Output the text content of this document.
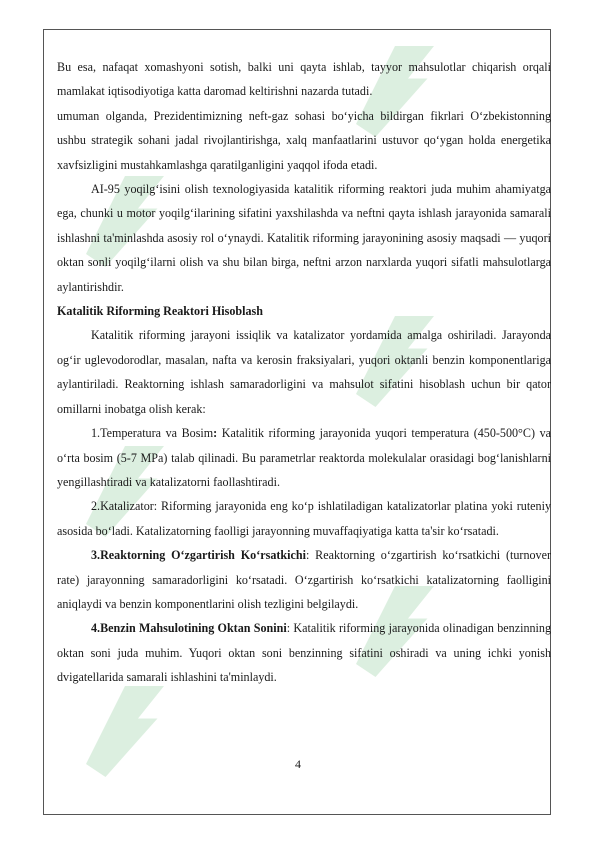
Bu esa, nafaqat xomashyoni sotish, balki uni qayta ishlab, tayyor mahsulotlar chiqarish orqali mamlakat iqtisodiyotiga katta daromad keltirishni nazarda tutadi.

umuman olganda, Prezidentimizning neft-gaz sohasi bo‘yicha bildirgan fikrlari O‘zbekistonning ushbu strategik sohani jadal rivojlantirishga, xalq manfaatlarini ustuvor qo‘ygan holda energetika xavfsizligini mustahkamlashga qaratilganligini yaqqol ifoda etadi.

AI-95 yoqilg‘isini olish texnologiyasida katalitik riforming reaktori juda muhim ahamiyatga ega, chunki u motor yoqilg‘ilarining sifatini yaxshilashda va neftni qayta ishlash jarayonida samarali ishlashni ta'minlashda asosiy rol o‘ynaydi. Katalitik riforming jarayonining asosiy maqsadi — yuqori oktan sonli yoqilg‘ilarni olish va shu bilan birga, neftni arzon narxlarda yuqori sifatli mahsulotlarga aylantirishdir.

Katalitik Riforming Reaktori Hisoblash

Katalitik riforming jarayoni issiqlik va katalizator yordamida amalga oshiriladi. Jarayonda og‘ir uglevodorodlar, masalan, nafta va kerosin fraksiyalari, yuqori oktanli benzin komponentlariga aylantiriladi. Reaktorning ishlash samaradorligini va mahsulot sifatini hisoblash uchun bir qator omillarni inobatga olish kerak:

1.Temperatura va Bosim: Katalitik riforming jarayonida yuqori temperatura (450-500°C) va o‘rta bosim (5-7 MPa) talab qilinadi. Bu parametrlar reaktorda molekulalar orasidagi bog‘lanishlarni yengillashtiradi va katalizatorni faollashtiradi.

2.Katalizator: Riforming jarayonida eng ko‘p ishlatiladigan katalizatorlar platina yoki ruteniy asosida bo‘ladi. Katalizatorning faolligi jarayonning muvaffaqiyatiga katta ta'sir ko‘rsatadi.

3.Reaktorning O‘zgartirish Ko‘rsatkichi: Reaktorning o‘zgartirish ko‘rsatkichi (turnover rate) jarayonning samaradorligini ko‘rsatadi. O‘zgartirish ko‘rsatkichi katalizatorning faolligini aniqlaydi va benzin komponentlarini olish tezligini belgilaydi.

4.Benzin Mahsulotining Oktan Sonini: Katalitik riforming jarayonida olinadigan benzinning oktan soni juda muhim. Yuqori oktan soni benzinning sifatini oshiradi va uning ichki yonish dvigatellarida samarali ishlashini ta'minlaydi.

4
